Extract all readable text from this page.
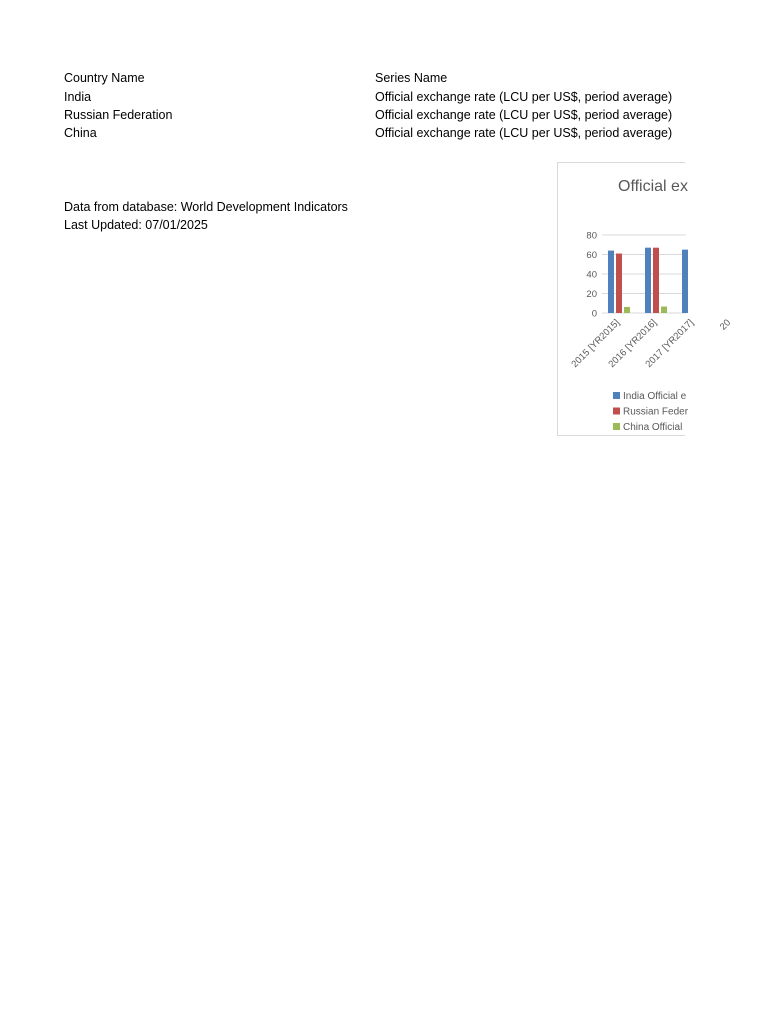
Country Name	Series Name
India	Official exchange rate (LCU per US$, period average)
Russian Federation	Official exchange rate (LCU per US$, period average)
China	Official exchange rate (LCU per US$, period average)
Data from database: World Development Indicators
Last Updated: 07/01/2025
Official ex
80
60
40
20
0
2015 [YR2015]
2016 [YR2016]
2017 [YR2017] 20
India Official e
Russian Feder
China Official
